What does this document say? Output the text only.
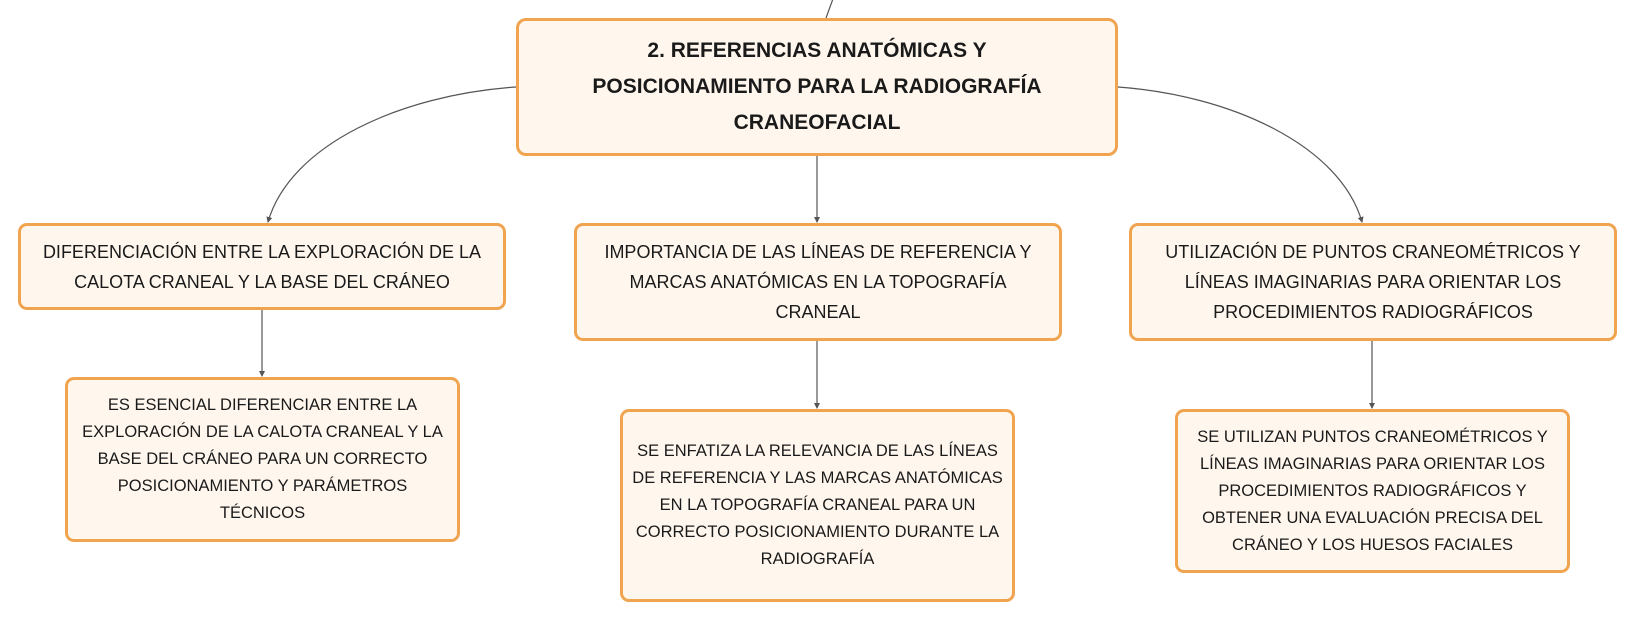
2. REFERENCIAS ANATÓMICAS Y POSICIONAMIENTO PARA LA RADIOGRAFÍA CRANEOFACIAL
DIFERENCIACIÓN ENTRE LA EXPLORACIÓN DE LA CALOTA CRANEAL Y LA BASE DEL CRÁNEO
IMPORTANCIA DE LAS LÍNEAS DE REFERENCIA Y MARCAS ANATÓMICAS EN LA TOPOGRAFÍA CRANEAL
UTILIZACIÓN DE PUNTOS CRANEOMÉTRICOS Y LÍNEAS IMAGINARIAS PARA ORIENTAR LOS PROCEDIMIENTOS RADIOGRÁFICOS
ES ESENCIAL DIFERENCIAR ENTRE LA EXPLORACIÓN DE LA CALOTA CRANEAL Y LA BASE DEL CRÁNEO PARA UN CORRECTO POSICIONAMIENTO Y PARÁMETROS TÉCNICOS
SE ENFATIZA LA RELEVANCIA DE LAS LÍNEAS DE REFERENCIA Y LAS MARCAS ANATÓMICAS EN LA TOPOGRAFÍA CRANEAL PARA UN CORRECTO POSICIONAMIENTO DURANTE LA RADIOGRAFÍA
SE UTILIZAN PUNTOS CRANEOMÉTRICOS Y LÍNEAS IMAGINARIAS PARA ORIENTAR LOS PROCEDIMIENTOS RADIOGRÁFICOS Y OBTENER UNA EVALUACIÓN PRECISA DEL CRÁNEO Y LOS HUESOS FACIALES
